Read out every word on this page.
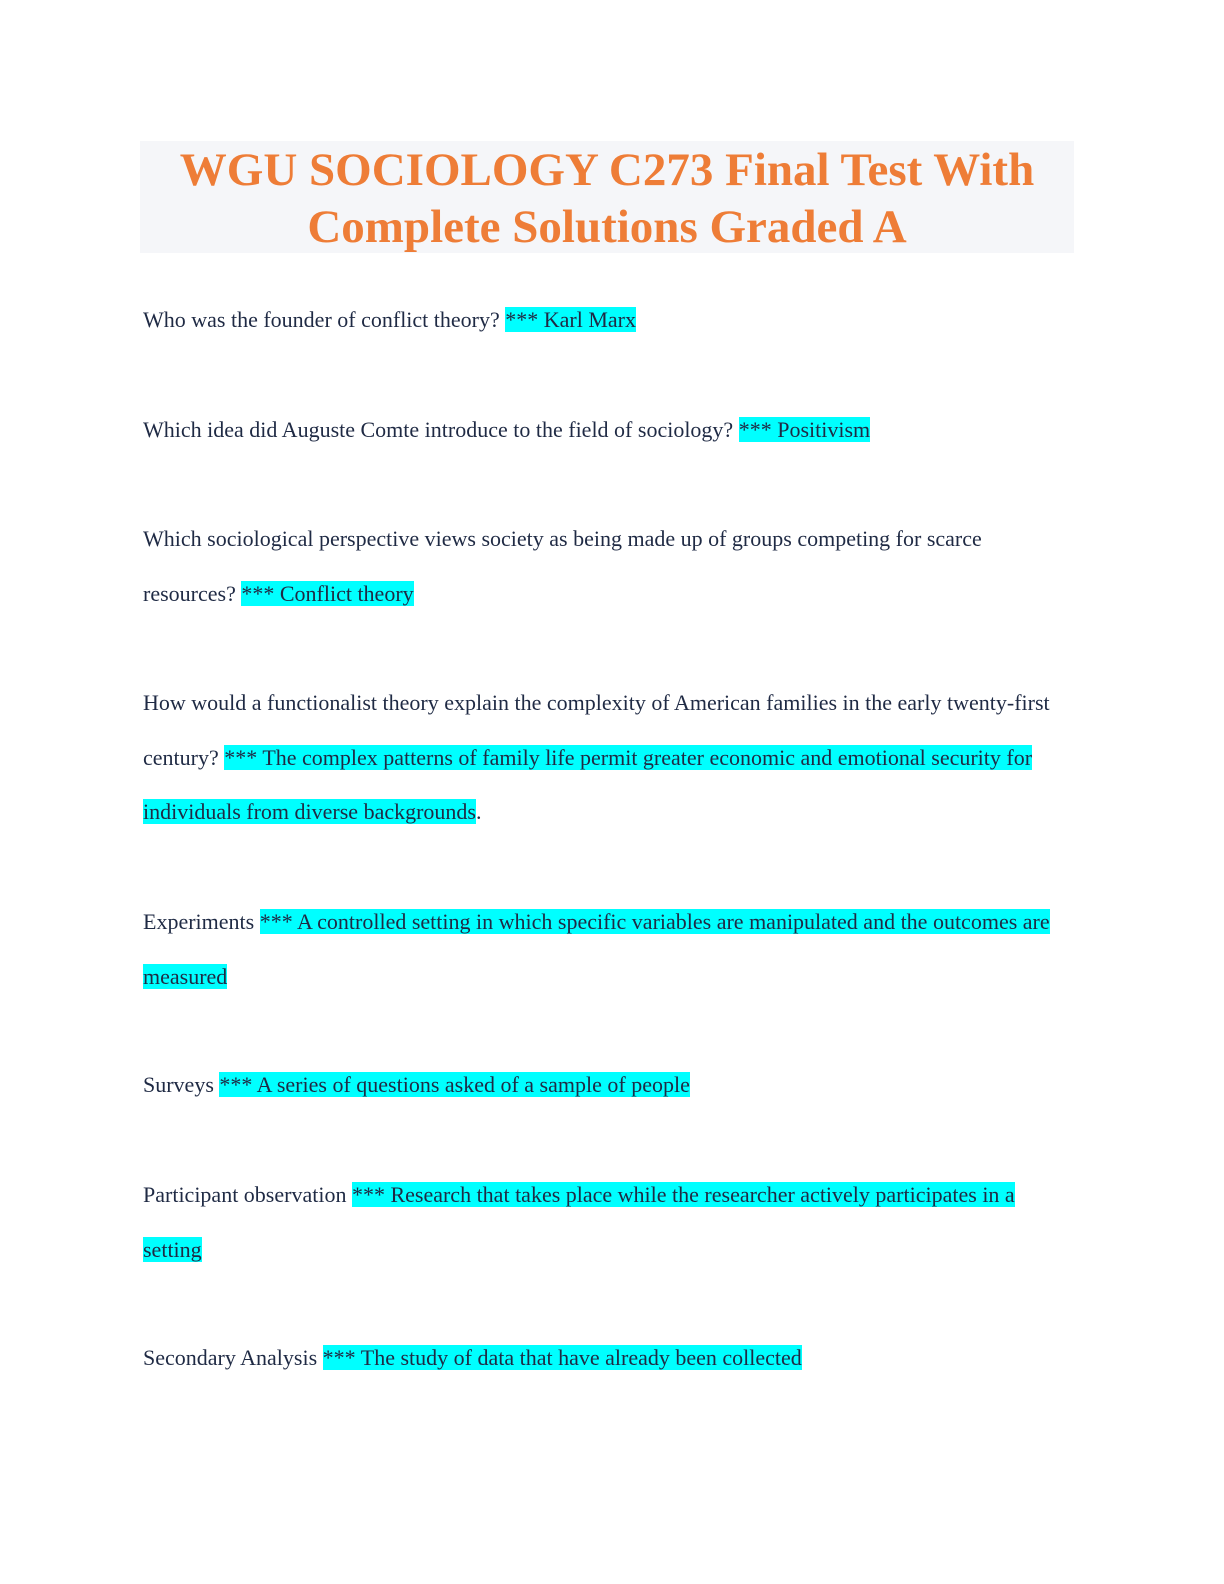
WGU SOCIOLOGY C273 Final Test With
Complete Solutions Graded A

Who was the founder of conflict theory? *** Karl Marx

Which idea did Auguste Comte introduce to the field of sociology? *** Positivism

Which sociological perspective views society as being made up of groups competing for scarce resources? *** Conflict theory

How would a functionalist theory explain the complexity of American families in the early twenty-first century? *** The complex patterns of family life permit greater economic and emotional security for individuals from diverse backgrounds.

Experiments *** A controlled setting in which specific variables are manipulated and the outcomes are measured

Surveys *** A series of questions asked of a sample of people

Participant observation *** Research that takes place while the researcher actively participates in a setting

Secondary Analysis *** The study of data that have already been collected
